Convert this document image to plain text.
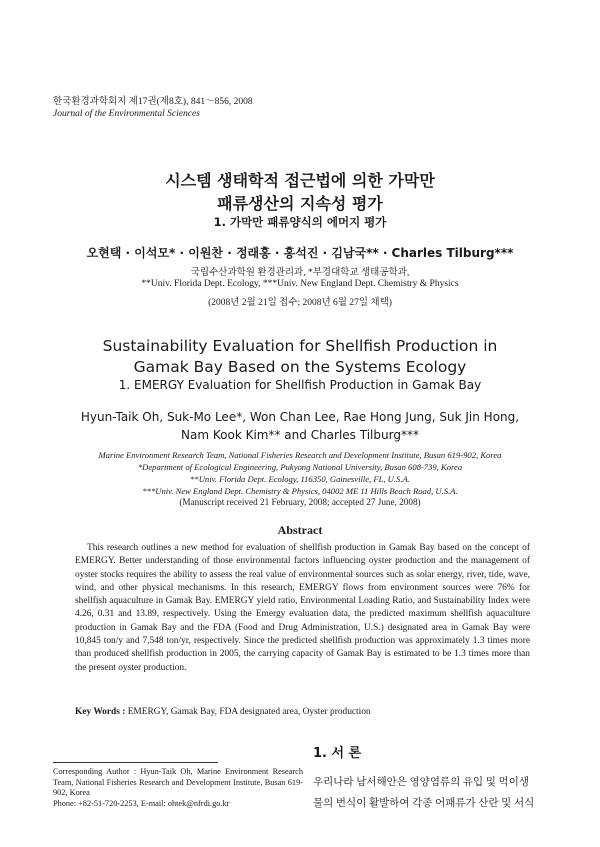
한국환경과학회지 제17권(제8호), 841～856, 2008
Journal of the Environmental Sciences
시스템 생태학적 접근법에 의한 가막만
패류생산의 지속성 평가
1. 가막만 패류양식의 에머지 평가
오현택 · 이석모* · 이원찬 · 정래홍 · 홍석진 · 김남국** · Charles Tilburg***
국립수산과학원 환경관리과, *부경대학교 생태공학과,
**Univ. Florida Dept. Ecology, ***Univ. New England Dept. Chemistry & Physics
(2008년 2월 21일 접수; 2008년 6월 27일 채택)
Sustainability Evaluation for Shellfish Production in
Gamak Bay Based on the Systems Ecology
1. EMERGY Evaluation for Shellfish Production in Gamak Bay
Hyun-Taik Oh, Suk-Mo Lee*, Won Chan Lee, Rae Hong Jung, Suk Jin Hong,
Nam Kook Kim** and Charles Tilburg***
Marine Environment Research Team, National Fisheries Research and Development Institute, Busan 619-902, Korea
*Department of Ecological Engineering, Pukyong National University, Busan 608-739, Korea
**Univ. Florida Dept. Ecology, 116350, Gainesville, FL, U.S.A.
***Univ. New England Dept. Chemistry & Physics, 04002 ME 11 Hills Beach Road, U.S.A.
(Manuscript received 21 February, 2008; accepted 27 June, 2008)
Abstract
This research outlines a new method for evaluation of shellfish production in Gamak Bay based on the concept of EMERGY. Better understanding of those environmental factors influencing oyster production and the management of oyster stocks requires the ability to assess the real value of environmental sources such as solar energy, river, tide, wave, wind, and other physical mechanisms. In this research, EMERGY flows from environment sources were 76% for shellfish aquaculture in Gamak Bay. EMERGY yield ratio, Environmental Loading Ratio, and Sustainability Index were 4.26, 0.31 and 13.89, respectively. Using the Emergy evaluation data, the predicted maximum shellfish aquaculture production in Gamak Bay and the FDA (Food and Drug Administration, U.S.) designated area in Gamak Bay were 10,845 ton/y and 7,548 ton/yr, respectively. Since the predicted shellfish production was approximately 1.3 times more than produced shellfish production in 2005, the carrying capacity of Gamak Bay is estimated to be 1.3 times more than the present oyster production.
Key Words : EMERGY, Gamak Bay, FDA designated area, Oyster production
Corresponding Author : Hyun-Taik Oh, Marine Environment Research Team, National Fisheries Research and Development Institute, Busan 619-902, Korea
Phone: +82-51-720-2253, E-mail: ohtek@nfrdi.go.kr
1. 서 론
우리나라 남서해안은 영양염류의 유입 및 먹이생
물의 번식이 활발하여 각종 어패류가 산란 및 서식
